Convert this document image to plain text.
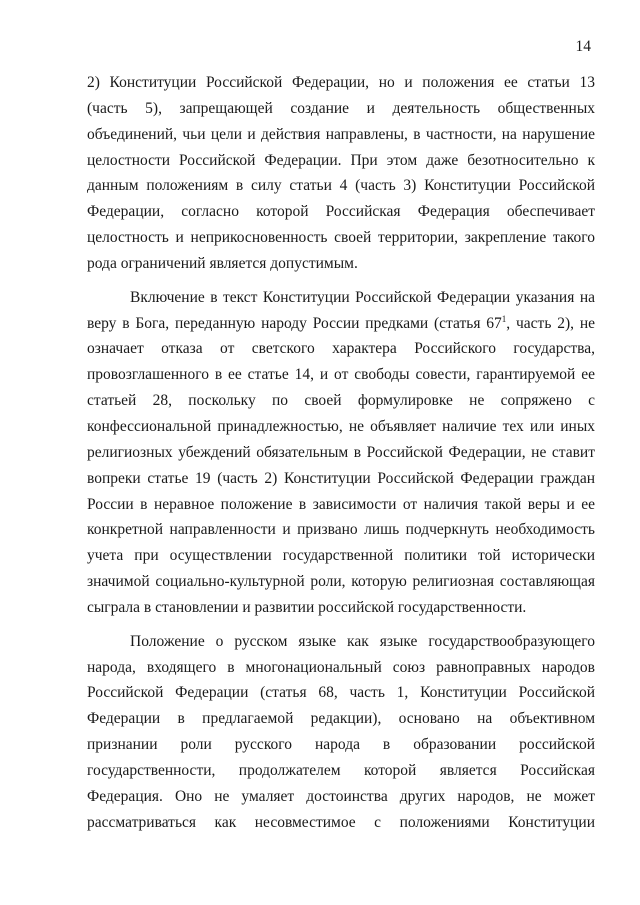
14
2) Конституции Российской Федерации, но и положения ее статьи 13
(часть 5), запрещающей создание и деятельность общественных
объединений, чьи цели и действия направлены, в частности, на нарушение
целостности Российской Федерации. При этом даже безотносительно к
данным положениям в силу статьи 4 (часть 3) Конституции Российской
Федерации, согласно которой Российская Федерация обеспечивает
целостность и неприкосновенность своей территории, закрепление такого
рода ограничений является допустимым.
Включение в текст Конституции Российской Федерации указания на
веру в Бога, переданную народу России предками (статья 67$^1$, часть 2), не
означает отказа от светского характера Российского государства,
провозглашенного в ее статье 14, и от свободы совести, гарантируемой ее
статьей 28, поскольку по своей формулировке не сопряжено с
конфессиональной принадлежностью, не объявляет наличие тех или иных
религиозных убеждений обязательным в Российской Федерации, не ставит
вопреки статье 19 (часть 2) Конституции Российской Федерации граждан
России в неравное положение в зависимости от наличия такой веры и ее
конкретной направленности и призвано лишь подчеркнуть необходимость
учета при осуществлении государственной политики той исторически
значимой социально-культурной роли, которую религиозная составляющая
сыграла в становлении и развитии российской государственности.
Положение о русском языке как языке государствообразующего
народа, входящего в многонациональный союз равноправных народов
Российской Федерации (статья 68, часть 1, Конституции Российской
Федерации в предлагаемой редакции), основано на объективном
признании роли русского народа в образовании российской
государственности, продолжателем которой является Российская
Федерация. Оно не умаляет достоинства других народов, не может
рассматриваться как несовместимое с положениями Конституции
